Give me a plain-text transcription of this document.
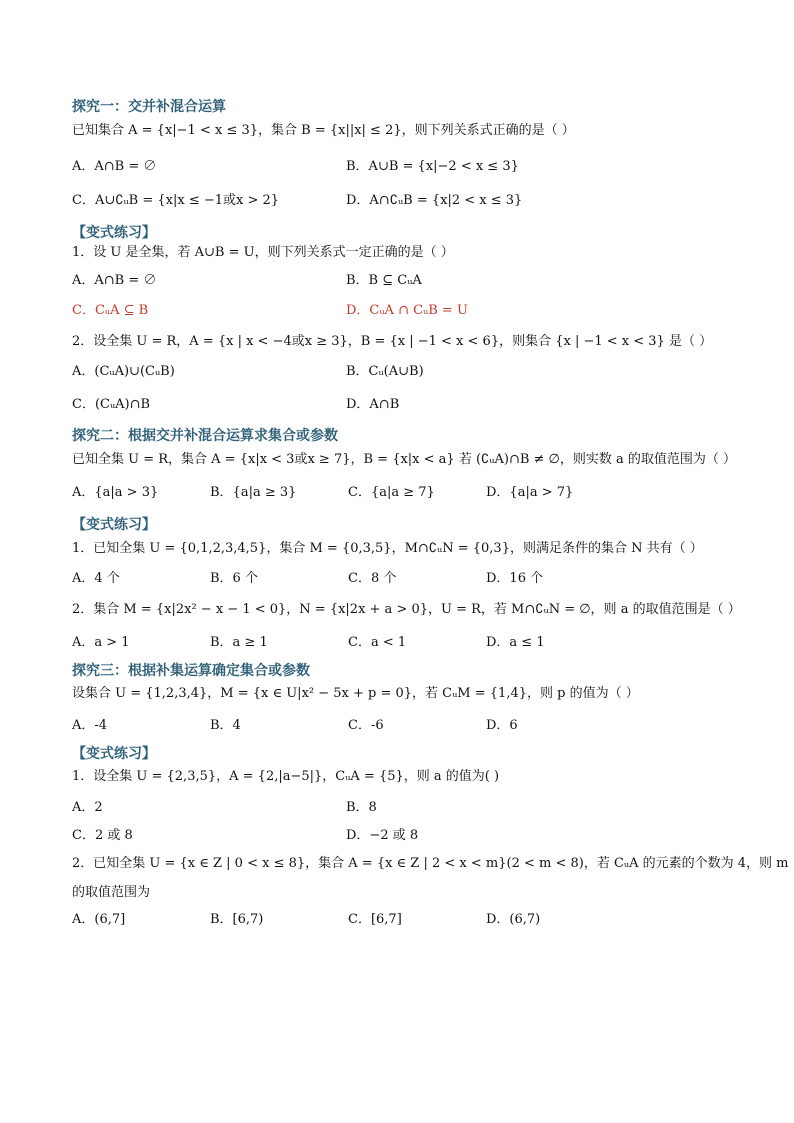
探究一：交并补混合运算
已知集合 A = {x|−1 < x ≤ 3}，集合 B = {x||x| ≤ 2}，则下列关系式正确的是（ ）
A．A∩B = ∅	B．A∪B = {x|−2 < x ≤ 3}
C．A∪∁ᵤB = {x|x ≤ −1或x > 2}	D．A∩∁ᵤB = {x|2 < x ≤ 3}
【变式练习】
1．设 U 是全集，若 A∪B = U，则下列关系式一定正确的是（ ）
A．A∩B = ∅	B．B ⊆ CᵤA
C．CᵤA ⊆ B	D．CᵤA ∩ CᵤB = U
2．设全集 U = R，A = {x | x < −4或x ≥ 3}，B = {x | −1 < x < 6}，则集合 {x | −1 < x < 3} 是（ ）
A．(CᵤA)∪(CᵤB)	B．Cᵤ(A∪B)
C．(CᵤA)∩B	D．A∩B
探究二：根据交并补混合运算求集合或参数
已知全集 U = R，集合 A = {x|x < 3或x ≥ 7}，B = {x|x < a} 若 (∁ᵤA)∩B ≠ ∅，则实数 a 的取值范围为（ ）
A．{a|a > 3}	B．{a|a ≥ 3}	C．{a|a ≥ 7}	D．{a|a > 7}
【变式练习】
1．已知全集 U = {0,1,2,3,4,5}，集合 M = {0,3,5}，M∩∁ᵤN = {0,3}，则满足条件的集合 N 共有（ ）
A．4 个	B．6 个	C．8 个	D．16 个
2．集合 M = {x|2x² − x − 1 < 0}，N = {x|2x + a > 0}，U = R，若 M∩∁ᵤN = ∅，则 a 的取值范围是（ ）
A．a > 1	B．a ≥ 1	C．a < 1	D．a ≤ 1
探究三：根据补集运算确定集合或参数
设集合 U = {1,2,3,4}，M = {x ∈ U|x² − 5x + p = 0}，若 CᵤM = {1,4}，则 p 的值为（ ）
A．-4	B．4	C．-6	D．6
【变式练习】
1．设全集 U = {2,3,5}，A = {2,|a−5|}，CᵤA = {5}，则 a 的值为( )
A．2	B．8
C．2 或 8	D．−2 或 8
2．已知全集 U = {x ∈ Z | 0 < x ≤ 8}，集合 A = {x ∈ Z | 2 < x < m}(2 < m < 8)，若 CᵤA 的元素的个数为 4，则 m
的取值范围为
A．(6,7]	B．[6,7)	C．[6,7]	D．(6,7)
